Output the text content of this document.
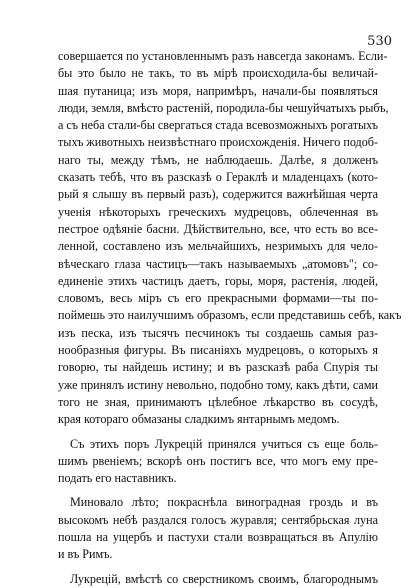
530
совершается по установленнымъ разъ навсегда законамъ. Если-
бы это было не такъ, то въ мірѣ происходила-бы величай-
шая путаница; изъ моря, напримѣръ, начали-бы появляться
люди, земля, вмѣсто растеній, породила-бы чешуйчатыхъ рыбъ,
а съ неба стали-бы свергаться стада всевозможныхъ рогатыхъ
тыхъ животныхъ неизвѣстнаго происхожденія. Ничего подоб-
наго ты, между тѣмъ, не наблюдаешь. Далѣе, я долженъ
сказать тебѣ, что въ разсказѣ о Гераклѣ и младенцахъ (кото-
рый я слышу въ первый разъ), содержится важнѣйшая черта
ученія нѣкоторыхъ греческихъ мудрецовъ, облеченная въ
пестрое одѣяніе басни. Дѣйствительно, все, что есть во все-
ленной, составлено изъ мельчайшихъ, незримыхъ для чело-
вѣческаго глаза частицъ—такъ называемыхъ „атомовъ"; со-
единеніе этихъ частицъ даетъ, горы, моря, растенія, людей,
словомъ, весь міръ съ его прекрасными формами—ты по-
поймешь это наилучшимъ образомъ, если представишь себѣ, какъ
изъ песка, изъ тысячъ песчинокъ ты создаешь самыя раз-
нообразныя фигуры. Въ писаніяхъ мудрецовъ, о которыхъ я
говорю, ты найдешь истину; и въ разсказѣ раба Спурія ты
уже принялъ истину невольно, подобно тому, какъ дѣти, сами
того не зная, принимаютъ цѣлебное лѣкарство въ сосудѣ,
края котораго обмазаны сладкимъ янтарнымъ медомъ.
Съ этихъ поръ Лукрецій принялся учиться съ еще боль-
шимъ рвеніемъ; вскорѣ онъ постигъ все, что могъ ему пре-
подать его наставникъ.
Миновало лѣто; покраснѣла виноградная гроздь и въ
высокомъ небѣ раздался голосъ журавля; сентябрьская луна
пошла на ущербъ и пастухи стали возвращаться въ Апулію
и въ Римъ.
Лукрецій, вмѣстѣ со сверстникомъ своимъ, благороднымъ
